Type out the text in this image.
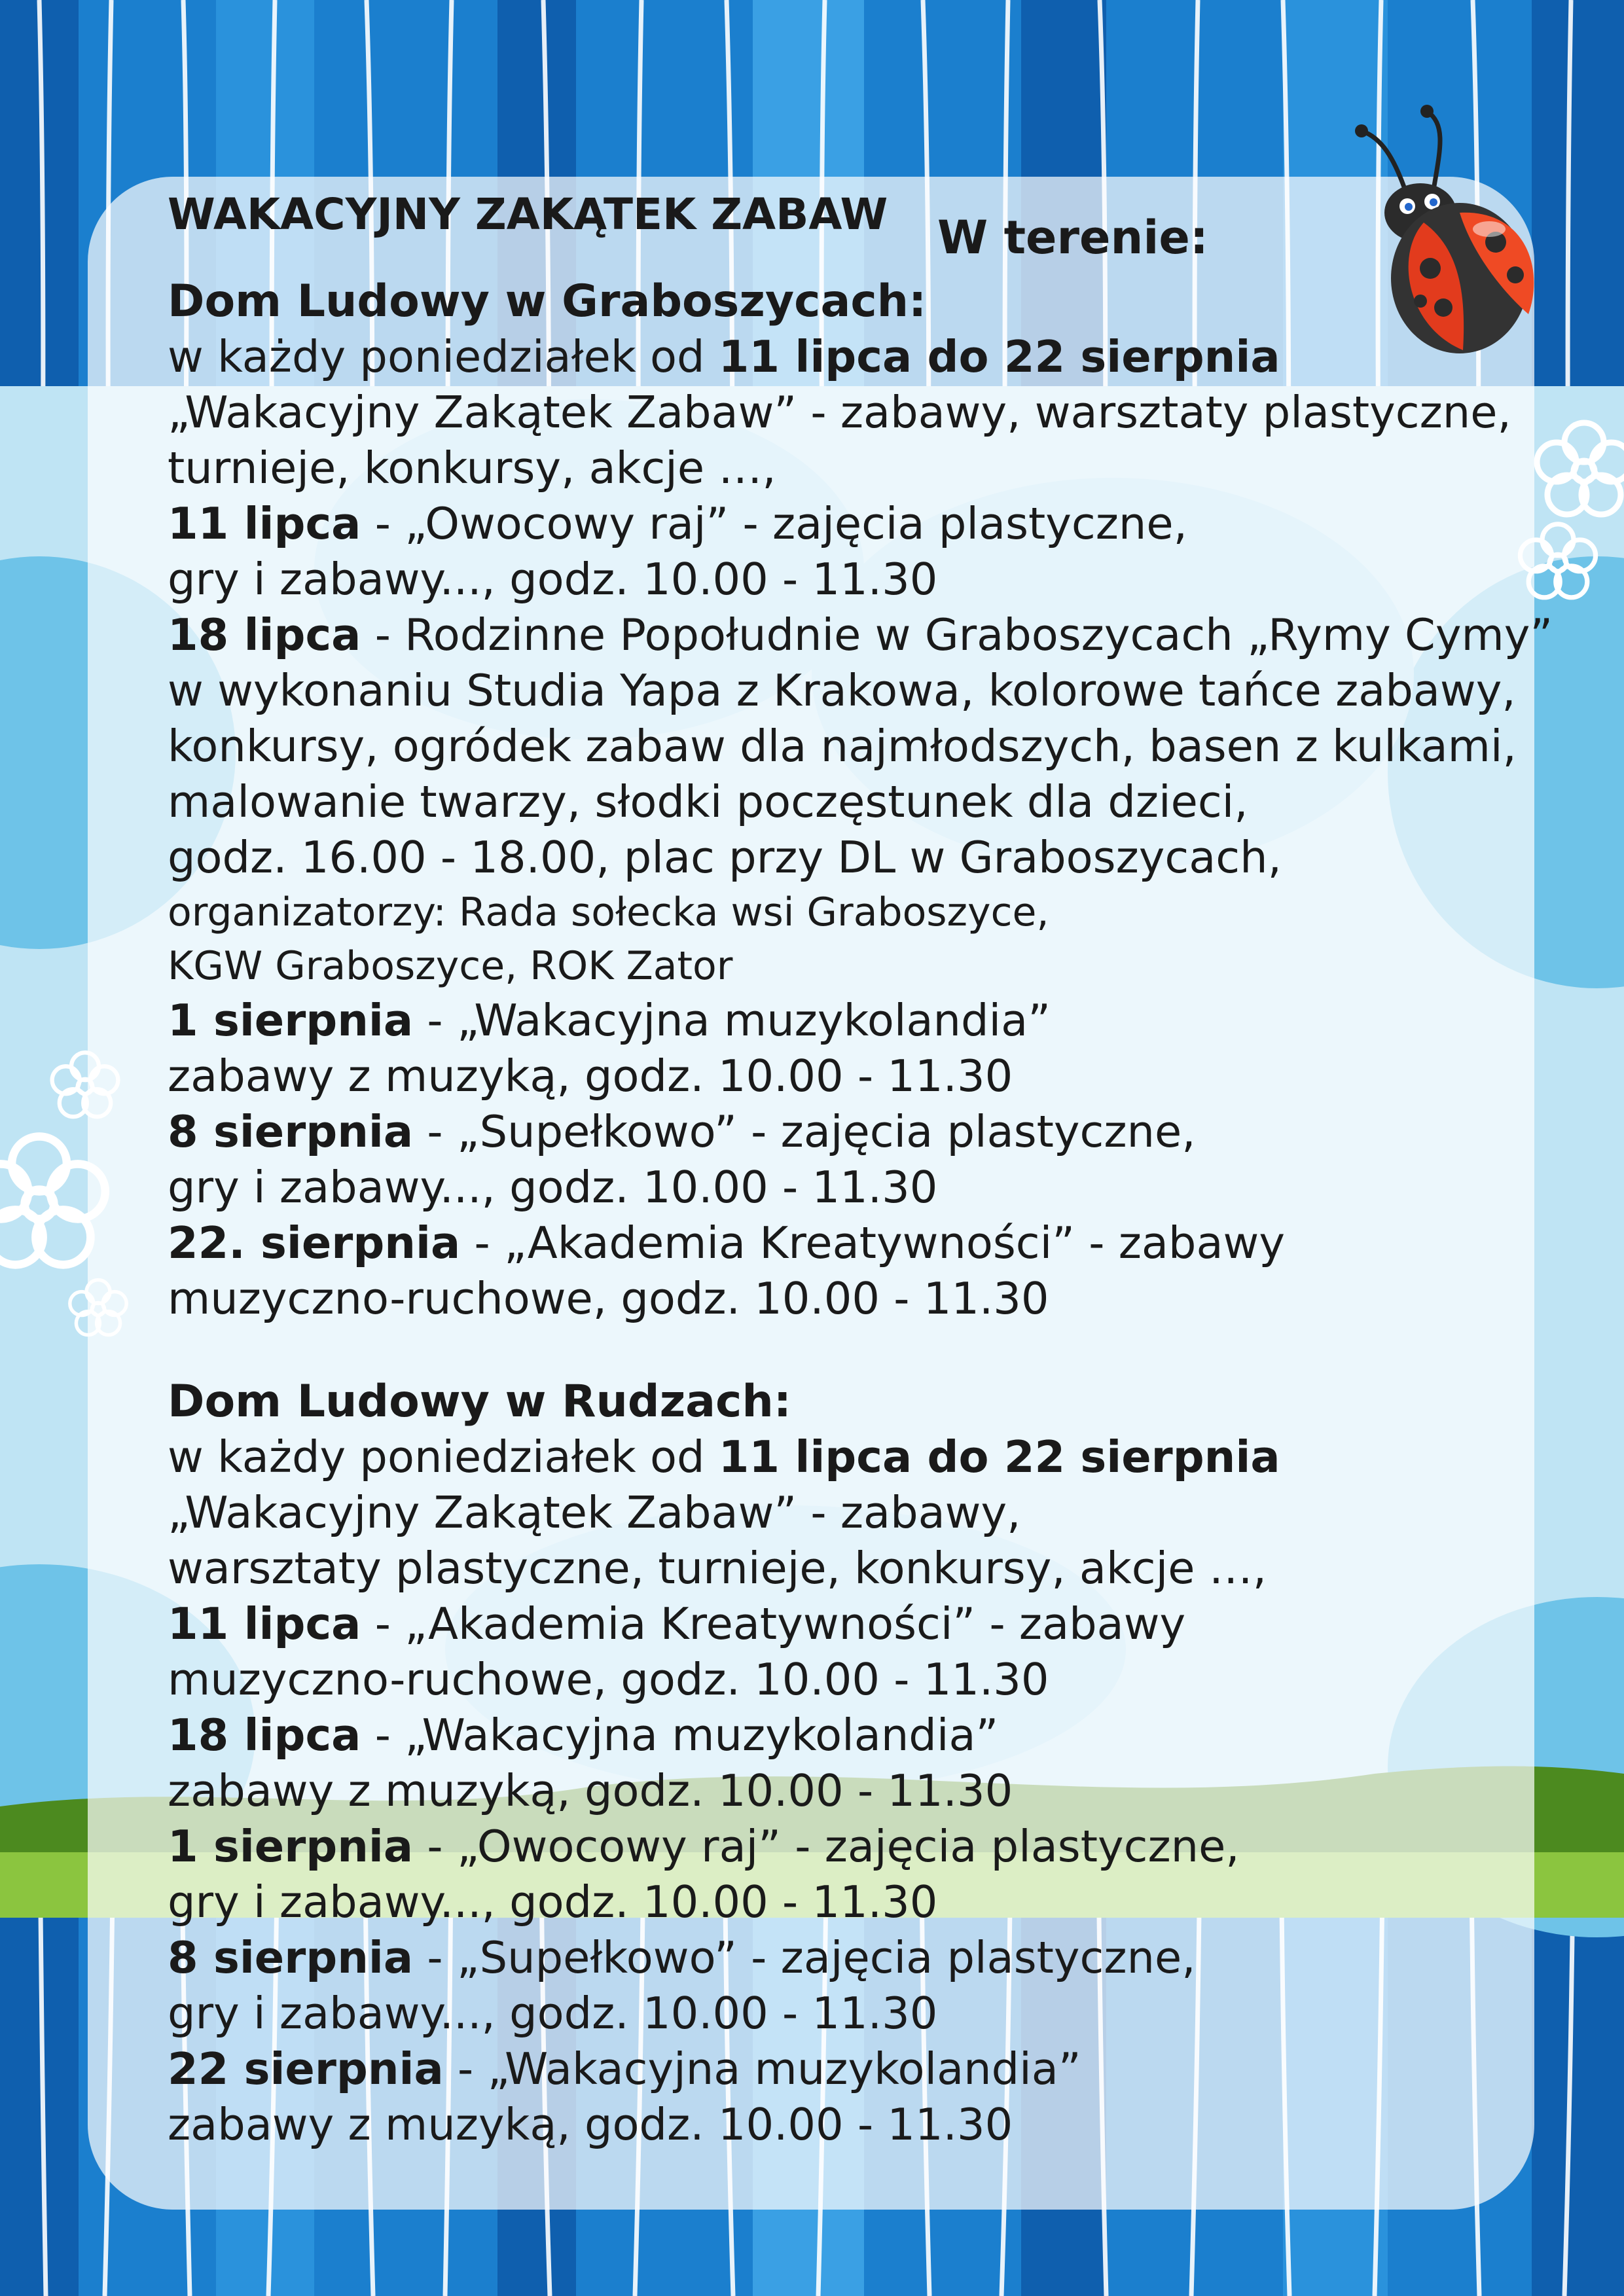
W terenie:
WAKACYJNY ZAKĄTEK ZABAW
Dom Ludowy w Graboszycach:
w każdy poniedziałek od 11 lipca do 22 sierpnia
„Wakacyjny Zakątek Zabaw” - zabawy, warsztaty plastyczne,
turnieje, konkursy, akcje …,
11 lipca - „Owocowy raj” - zajęcia plastyczne,
gry i zabawy..., godz. 10.00 - 11.30
18 lipca - Rodzinne Popołudnie w Graboszycach „Rymy Cymy”
w wykonaniu Studia Yapa z Krakowa, kolorowe tańce zabawy,
konkursy, ogródek zabaw dla najmłodszych, basen z kulkami,
malowanie twarzy, słodki poczęstunek dla dzieci,
godz. 16.00 - 18.00, plac przy DL w Graboszycach,
organizatorzy: Rada sołecka wsi Graboszyce,
KGW Graboszyce, ROK Zator
1 sierpnia - „Wakacyjna muzykolandia”
zabawy z muzyką, godz. 10.00 - 11.30
8 sierpnia - „Supełkowo” - zajęcia plastyczne,
gry i zabawy..., godz. 10.00 - 11.30
22. sierpnia - „Akademia Kreatywności” - zabawy
muzyczno-ruchowe, godz. 10.00 - 11.30
Dom Ludowy w Rudzach:
w każdy poniedziałek od 11 lipca do 22 sierpnia
„Wakacyjny Zakątek Zabaw” - zabawy,
warsztaty plastyczne, turnieje, konkursy, akcje …,
11 lipca - „Akademia Kreatywności” - zabawy
muzyczno-ruchowe, godz. 10.00 - 11.30
18 lipca - „Wakacyjna muzykolandia”
zabawy z muzyką, godz. 10.00 - 11.30
1 sierpnia - „Owocowy raj” - zajęcia plastyczne,
gry i zabawy..., godz. 10.00 - 11.30
8 sierpnia - „Supełkowo” - zajęcia plastyczne,
gry i zabawy..., godz. 10.00 - 11.30
22 sierpnia - „Wakacyjna muzykolandia”
zabawy z muzyką, godz. 10.00 - 11.30
